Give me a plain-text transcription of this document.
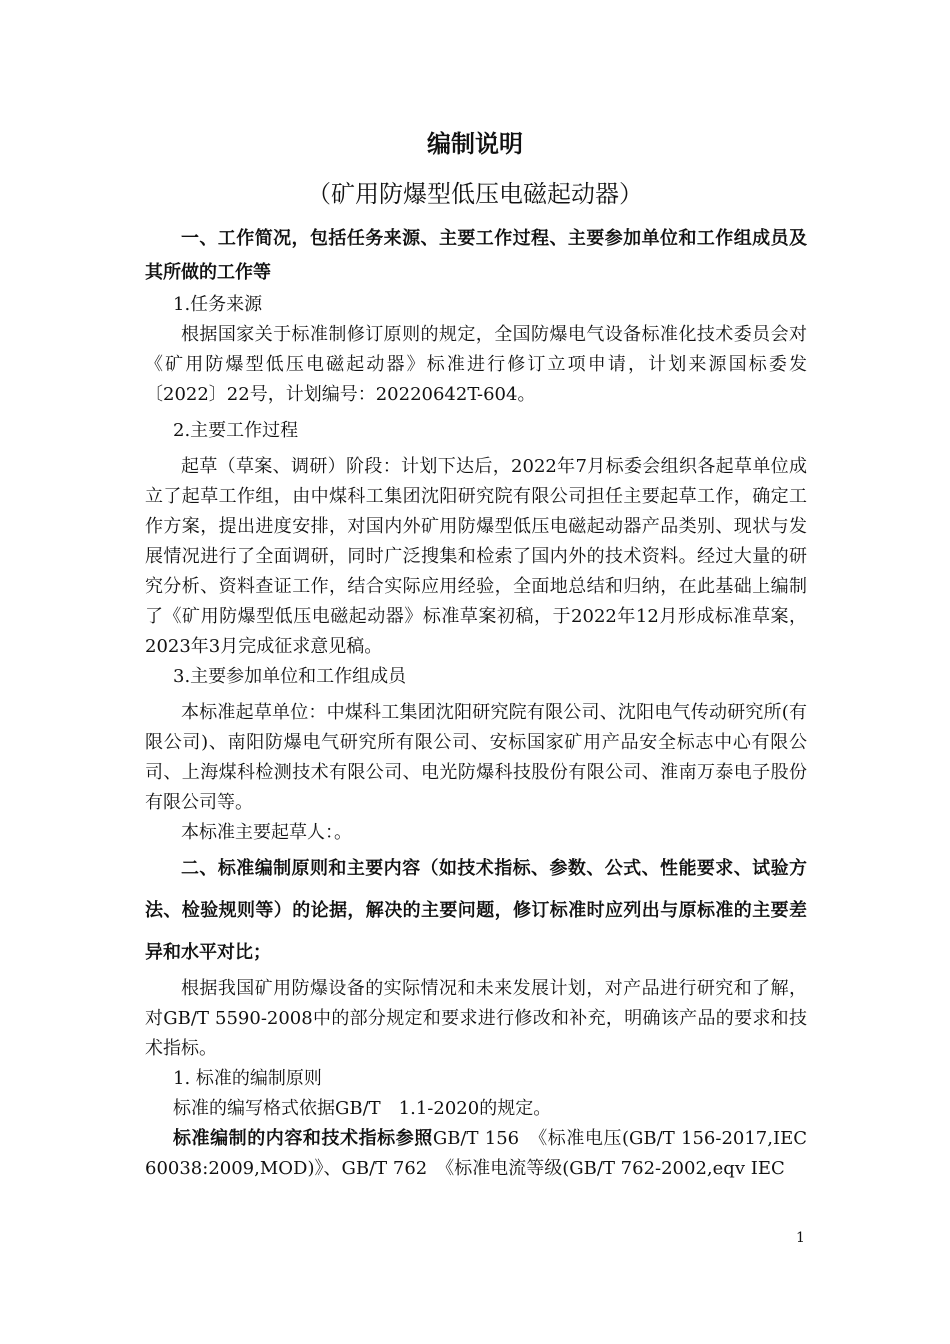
编制说明
（矿用防爆型低压电磁起动器）

一、工作简况，包括任务来源、主要工作过程、主要参加单位和工作组成员及其所做的工作等

1.任务来源

根据国家关于标准制修订原则的规定，全国防爆电气设备标准化技术委员会对《矿用防爆型低压电磁起动器》标准进行修订立项申请，计划来源国标委发〔2022〕22号，计划编号：20220642T-604。

2.主要工作过程

起草（草案、调研）阶段：计划下达后，2022年7月标委会组织各起草单位成立了起草工作组，由中煤科工集团沈阳研究院有限公司担任主要起草工作，确定工作方案，提出进度安排，对国内外矿用防爆型低压电磁起动器产品类别、现状与发展情况进行了全面调研，同时广泛搜集和检索了国内外的技术资料。经过大量的研究分析、资料查证工作，结合实际应用经验，全面地总结和归纳，在此基础上编制了《矿用防爆型低压电磁起动器》标准草案初稿，于2022年12月形成标准草案，2023年3月完成征求意见稿。

3.主要参加单位和工作组成员

本标准起草单位：中煤科工集团沈阳研究院有限公司、沈阳电气传动研究所(有限公司)、南阳防爆电气研究所有限公司、安标国家矿用产品安全标志中心有限公司、上海煤科检测技术有限公司、电光防爆科技股份有限公司、淮南万泰电子股份有限公司等。

本标准主要起草人：。

二、标准编制原则和主要内容（如技术指标、参数、公式、性能要求、试验方法、检验规则等）的论据，解决的主要问题，修订标准时应列出与原标准的主要差异和水平对比；

根据我国矿用防爆设备的实际情况和未来发展计划，对产品进行研究和了解，对GB/T 5590-2008中的部分规定和要求进行修改和补充，明确该产品的要求和技术指标。

1. 标准的编制原则

标准的编写格式依据GB/T　1.1-2020的规定。

标准编制的内容和技术指标参照GB/T 156　《标准电压(GB/T 156-2017,IEC 60038:2009,MOD)》、GB/T 762　《标准电流等级(GB/T 762-2002,eqv IEC

1
